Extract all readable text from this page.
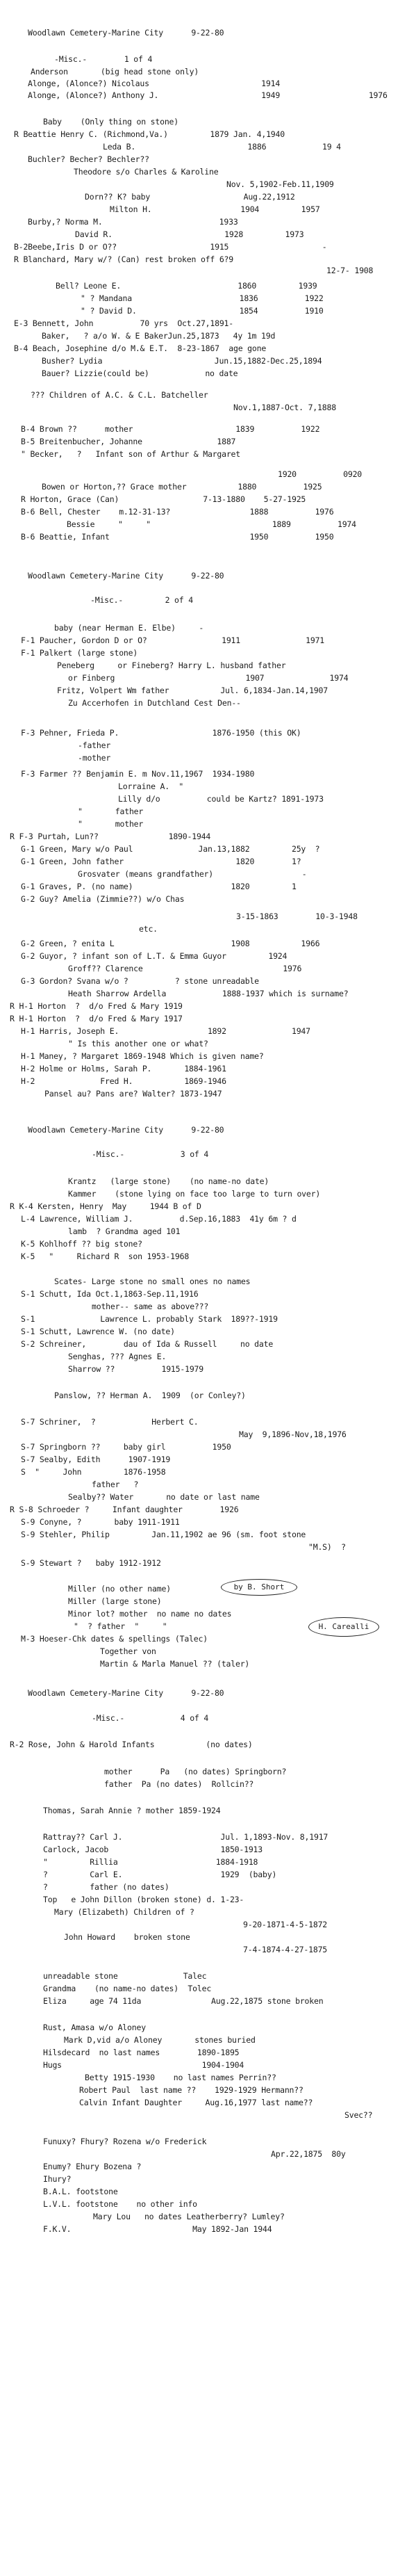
Woodlawn Cemetery-Marine City      9-22-80
-Misc.-        1 of 4
Anderson       (big head stone only)
Alonge, (Alonce?) Nicolaus                        1914
Alonge, (Alonce?) Anthony J.                      1949                   1976
Baby    (Only thing on stone)
R Beattie Henry C. (Richmond,Va.)         1879 Jan. 4,1940
Leda B.                        1886            19 4
Buchler? Becher? Bechler??
Theodore s/o Charles & Karoline
Nov. 5,1902-Feb.11,1909
Dorn?? K? baby                    Aug.22,1912
Milton H.                   1904         1957
Burby,? Norma M.                         1933
David R.                        1928         1973
B-2Beebe,Iris D or O??                    1915                    -
R Blanchard, Mary w/? (Can) rest broken off 6?9
12-7- 1908
Bell? Leone E.                         1860         1939
" ? Mandana                       1836          1922
" ? David D.                      1854          1910
E-3 Bennett, John          70 yrs  Oct.27,1891-
Baker,   ? a/o W. & E BakerJun.25,1873   4y 1m 19d
B-4 Beach, Josephine d/o M.& E.T.  8-23-1867  age gone
Busher? Lydia                        Jun.15,1882-Dec.25,1894
Bauer? Lizzie(could be)            no date
??? Children of A.C. & C.L. Batcheller
Nov.1,1887-Oct. 7,1888
B-4 Brown ??      mother                      1839          1922
B-5 Breitenbucher, Johanne                1887
" Becker,   ?   Infant son of Arthur & Margaret
1920          0920
Bowen or Horton,?? Grace mother           1880          1925
R Horton, Grace (Can)                  7-13-1880    5-27-1925
B-6 Bell, Chester    m.12-31-13?                 1888          1976
Bessie     "     "                          1889          1974
B-6 Beattie, Infant                              1950          1950
Woodlawn Cemetery-Marine City      9-22-80
-Misc.-         2 of 4
baby (near Herman E. Elbe)     -
F-1 Paucher, Gordon D or O?                1911              1971
F-1 Palkert (large stone)
Peneberg     or Fineberg? Harry L. husband father
or Finberg                            1907              1974
Fritz, Volpert Wm father           Jul. 6,1834-Jan.14,1907
Zu Accerhofen in Dutchland Cest Den--
F-3 Pehner, Frieda P.                    1876-1950 (this OK)
-father
-mother
F-3 Farmer ?? Benjamin E. m Nov.11,1967  1934-1980
Lorraine A.  "
Lilly d/o          could be Kartz? 1891-1973
"       father
"       mother
R F-3 Purtah, Lun??               1890-1944
G-1 Green, Mary w/o Paul              Jan.13,1882         25y  ?
G-1 Green, John father                        1820        1?
Grosvater (means grandfather)                   -
G-1 Graves, P. (no name)                     1820         1
G-2 Guy? Amelia (Zimmie??) w/o Chas
3-15-1863        10-3-1948
etc.
G-2 Green, ? enita L                         1908           1966
G-2 Guyor, ? infant son of L.T. & Emma Guyor         1924
Groff?? Clarence                              1976
G-3 Gordon? Svana w/o ?          ? stone unreadable
Heath Sharrow Ardella            1888-1937 which is surname?
R H-1 Horton  ?  d/o Fred & Mary 1919
R H-1 Horton  ?  d/o Fred & Mary 1917
H-1 Harris, Joseph E.                   1892              1947
" Is this another one or what?
H-1 Maney, ? Margaret 1869-1948 Which is given name?
H-2 Holme or Holms, Sarah P.       1884-1961
H-2              Fred H.           1869-1946
Pansel au? Pans are? Walter? 1873-1947
Woodlawn Cemetery-Marine City      9-22-80
-Misc.-            3 of 4
Krantz   (large stone)    (no name-no date)
Kammer    (stone lying on face too large to turn over)
R K-4 Kersten, Henry  May     1944 B of D
L-4 Lawrence, William J.          d.Sep.16,1883  41y 6m ? d
lamb  ? Grandma aged 101
K-5 Kohlhoff ?? big stone?
K-5   "     Richard R  son 1953-1968
Scates- Large stone no small ones no names
S-1 Schutt, Ida Oct.1,1863-Sep.11,1916
mother-- same as above???
S-1              Lawrence L. probably Stark  189??-1919
S-1 Schutt, Lawrence W. (no date)
S-2 Schreiner,        dau of Ida & Russell     no date
Senghas, ??? Agnes E.
Sharrow ??          1915-1979
Panslow, ?? Herman A.  1909  (or Conley?)
S-7 Schriner,  ?            Herbert C.
May  9,1896-Nov,18,1976
S-7 Springborn ??     baby girl          1950
S-7 Sealby, Edith      1907-1919
S  "     John         1876-1958
father   ?
Sealby?? Water       no date or last name
R S-8 Schroeder ?     Infant daughter        1926
S-9 Conyne, ?       baby 1911-1911
S-9 Stehler, Philip         Jan.11,1902 ae 96 (sm. foot stone
"M.S)  ?
S-9 Stewart ?   baby 1912-1912
Miller (no other name)
Miller (large stone)
Minor lot? mother  no name no dates
"  ? father  "     "
M-3 Hoeser-Chk dates & spellings (Talec)
Together von
Martin & Marla Manuel ?? (taler)
by B. Short
H. Carealli
Woodlawn Cemetery-Marine City      9-22-80
-Misc.-            4 of 4
R-2 Rose, John & Harold Infants           (no dates)
mother      Pa   (no dates) Springborn?
father  Pa (no dates)  Rollcin??
Thomas, Sarah Annie ? mother 1859-1924
Rattray?? Carl J.                     Jul. 1,1893-Nov. 8,1917
Carlock, Jacob                        1850-1913
"         Rillia                     1884-1918
?         Carl E.                     1929  (baby)
?         father (no dates)
Top   e John Dillon (broken stone) d. 1-23-
Mary (Elizabeth) Children of ?
9-20-1871-4-5-1872
John Howard    broken stone
7-4-1874-4-27-1875
unreadable stone              Talec
Grandma    (no name-no dates)  Tolec
Eliza     age 74 11da               Aug.22,1875 stone broken
Rust, Amasa w/o Aloney
Mark D,vid a/o Aloney       stones buried
Hilsdecard  no last names        1890-1895
Hugs                              1904-1904
Betty 1915-1930    no last names Perrin??
Robert Paul  last name ??    1929-1929 Hermann??
Calvin Infant Daughter     Aug.16,1977 last name??
Svec??
Funuxy? Fhury? Rozena w/o Frederick
Apr.22,1875  80y
Enumy? Ehury Bozena ?
Ihury?
B.A.L. footstone
L.V.L. footstone    no other info
Mary Lou   no dates Leatherberry? Lumley?
F.K.V.                          May 1892-Jan 1944
